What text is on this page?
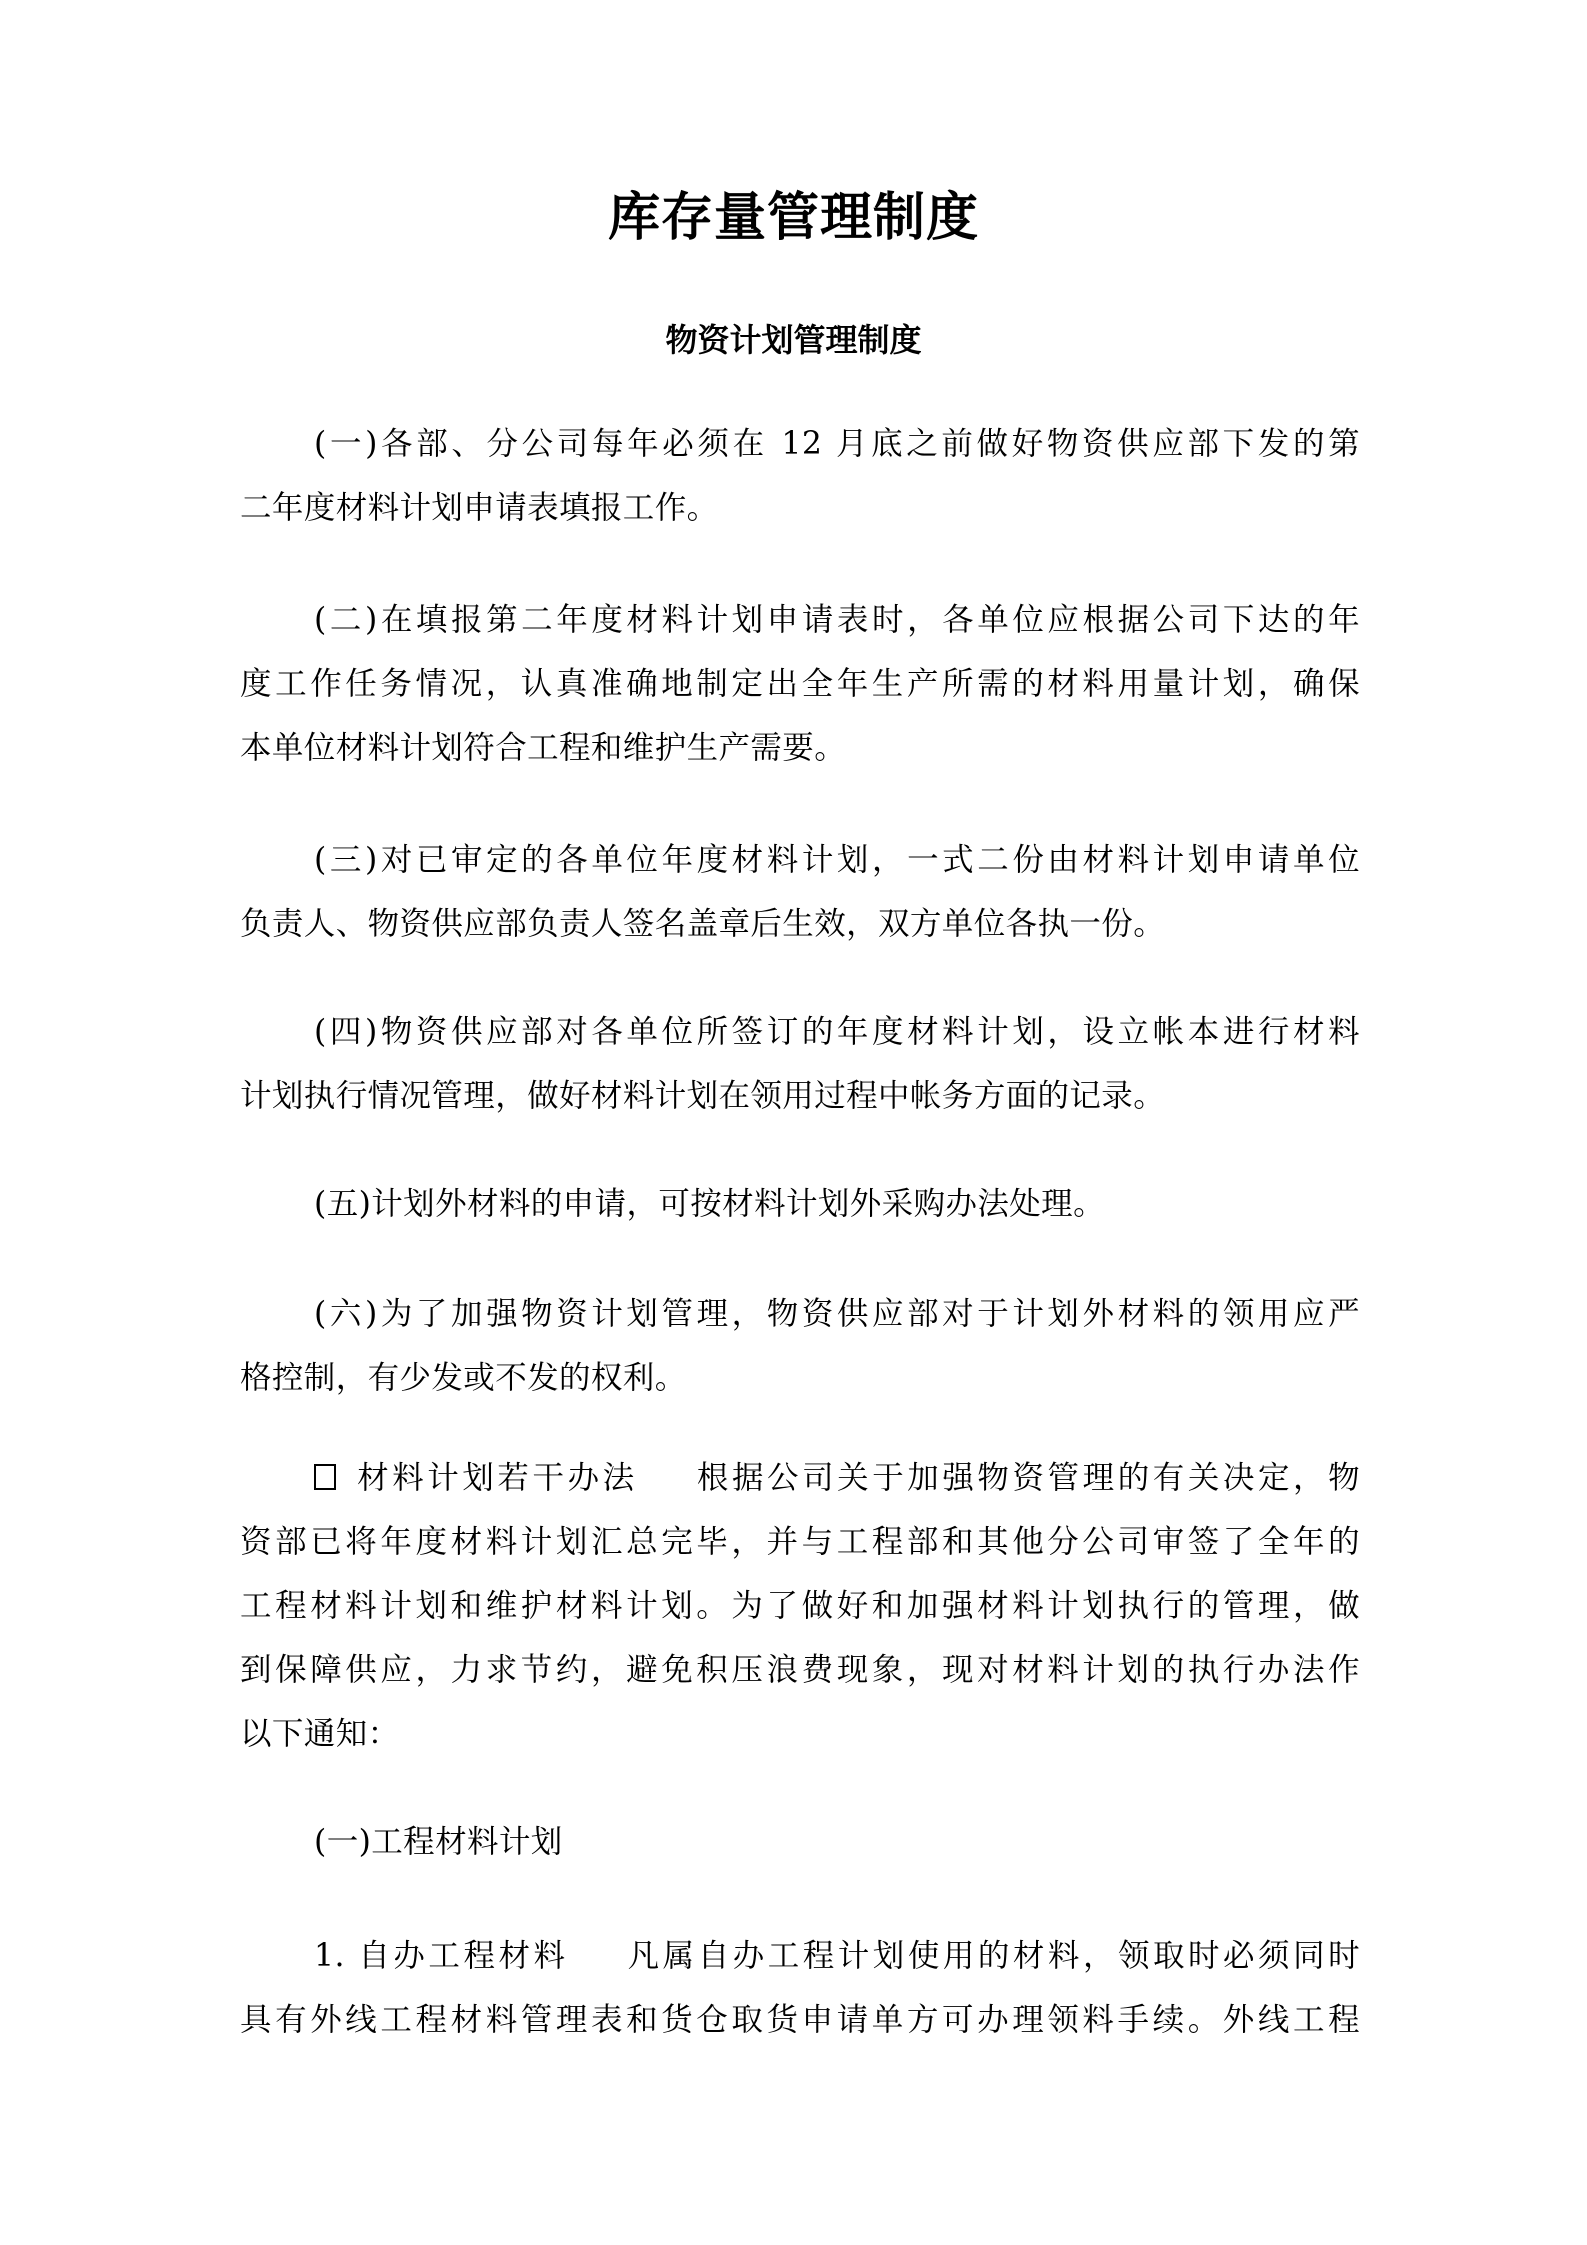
库存量管理制度
物资计划管理制度

(一)各部、分公司每年必须在 12 月底之前做好物资供应部下发的第
二年度材料计划申请表填报工作。

(二)在填报第二年度材料计划申请表时，各单位应根据公司下达的年
度工作任务情况，认真准确地制定出全年生产所需的材料用量计划，确保
本单位材料计划符合工程和维护生产需要。

(三)对已审定的各单位年度材料计划，一式二份由材料计划申请单位
负责人、物资供应部负责人签名盖章后生效，双方单位各执一份。

(四)物资供应部对各单位所签订的年度材料计划，设立帐本进行材料
计划执行情况管理，做好材料计划在领用过程中帐务方面的记录。

(五)计划外材料的申请，可按材料计划外采购办法处理。

(六)为了加强物资计划管理，物资供应部对于计划外材料的领用应严
格控制，有少发或不发的权利。

材料计划若干办法 根据公司关于加强物资管理的有关决定，物
资部已将年度材料计划汇总完毕，并与工程部和其他分公司审签了全年的
工程材料计划和维护材料计划。为了做好和加强材料计划执行的管理，做
到保障供应，力求节约，避免积压浪费现象，现对材料计划的执行办法作
以下通知：

(一)工程材料计划

1. 自办工程材料 凡属自办工程计划使用的材料，领取时必须同时
具有外线工程材料管理表和货仓取货申请单方可办理领料手续。外线工程
